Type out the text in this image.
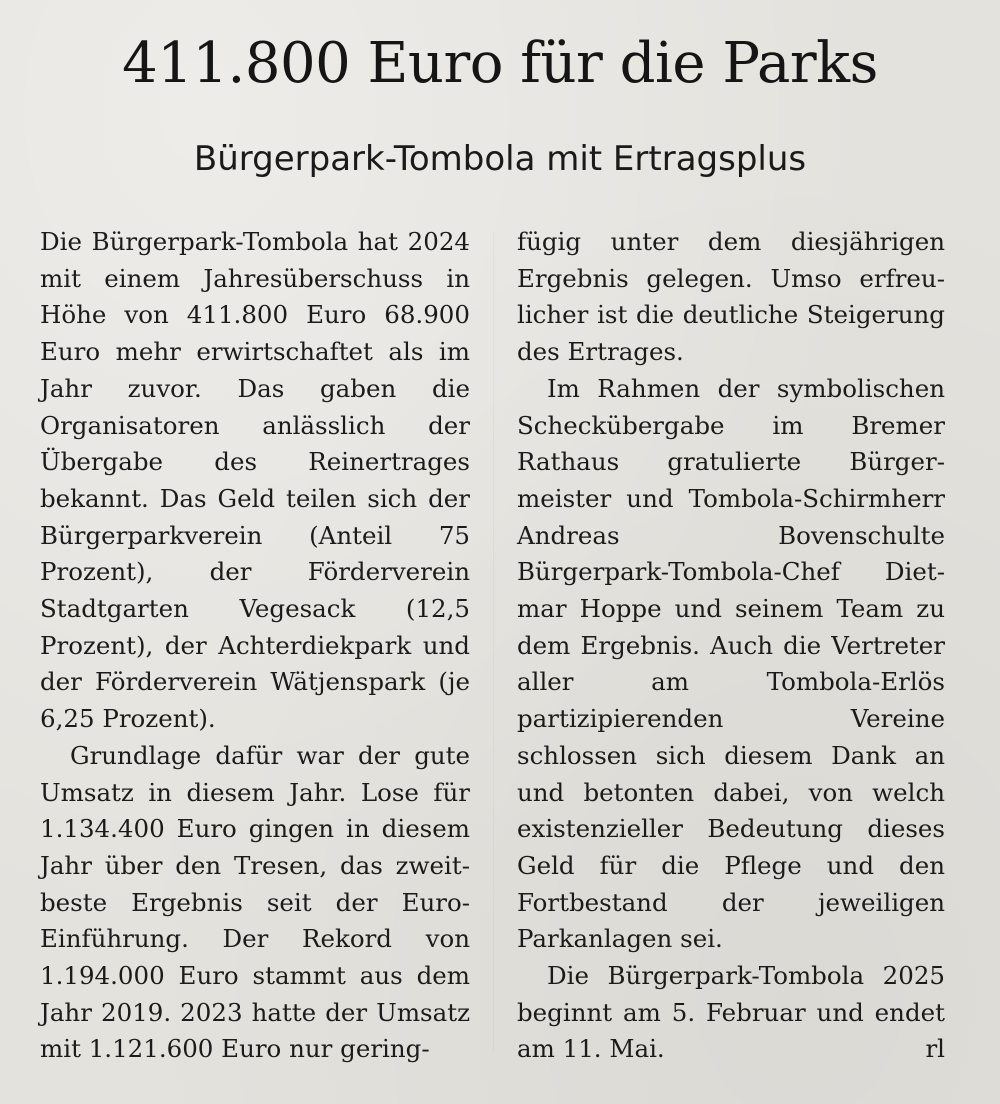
411.800 Euro für die Parks
Bürgerpark-Tombola mit Ertragsplus

Die Bürgerpark-Tombola hat 2024 mit einem Jahresüberschuss in Höhe von 411.800 Euro 68.900 Euro mehr erwirtschaftet als im Jahr zuvor. Das gaben die Organisatoren anlässlich der Übergabe des Reinertrages bekannt. Das Geld teilen sich der Bürgerparkverein (Anteil 75 Prozent), der Förderverein Stadtgarten Vegesack (12,5 Prozent), der Achterdiekpark und der Förderverein Wätjenspark (je 6,25 Prozent).

Grundlage dafür war der gute Umsatz in diesem Jahr. Lose für 1.134.400 Euro gingen in diesem Jahr über den Tresen, das zweitbeste Ergebnis seit der Euro-Einführung. Der Rekord von 1.194.000 Euro stammt aus dem Jahr 2019. 2023 hatte der Umsatz mit 1.121.600 Euro nur gering-

fügig unter dem diesjährigen Ergebnis gelegen. Umso erfreulicher ist die deutliche Steigerung des Ertrages.

Im Rahmen der symbolischen Scheckübergabe im Bremer Rathaus gratulierte Bürgermeister und Tombola-Schirmherr Andreas Bovenschulte Bürgerpark-Tombola-Chef Dietmar Hoppe und seinem Team zu dem Ergebnis. Auch die Vertreter aller am Tombola-Erlös partizipierenden Vereine schlossen sich diesem Dank an und betonten dabei, von welch existenzieller Bedeutung dieses Geld für die Pflege und den Fortbestand der jeweiligen Parkanlagen sei.

Die Bürgerpark-Tombola 2025 beginnt am 5. Februar und endet am 11. Mai.	rl
